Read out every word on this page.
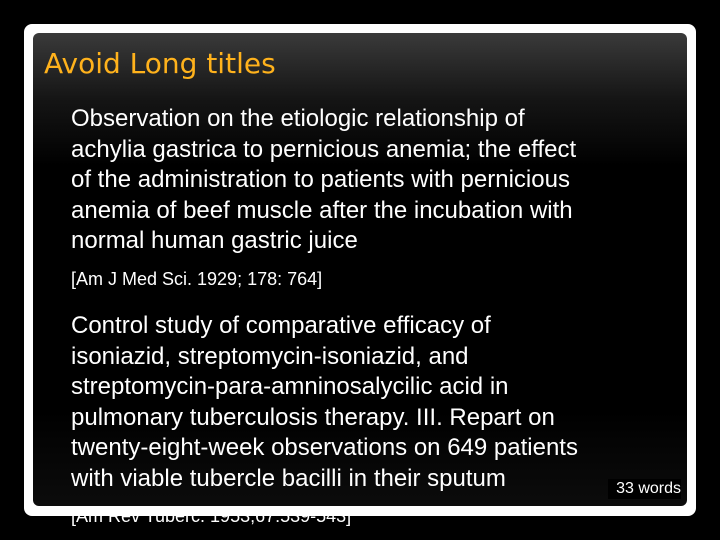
Avoid Long titles

Observation on the etiologic relationship of
achylia gastrica to pernicious anemia; the effect
of the administration to patients with pernicious
anemia of beef muscle after the incubation with
normal human gastric juice

[Am J Med Sci. 1929; 178: 764]

Control study of comparative efficacy of
isoniazid, streptomycin-isoniazid, and
streptomycin-para-amninosalycilic acid in
pulmonary tuberculosis therapy. III. Repart on
twenty-eight-week observations on 649 patients
with viable tubercle bacilli in their sputum

[Am Rev Tuberc. 1953;67:539-543]

33 words
